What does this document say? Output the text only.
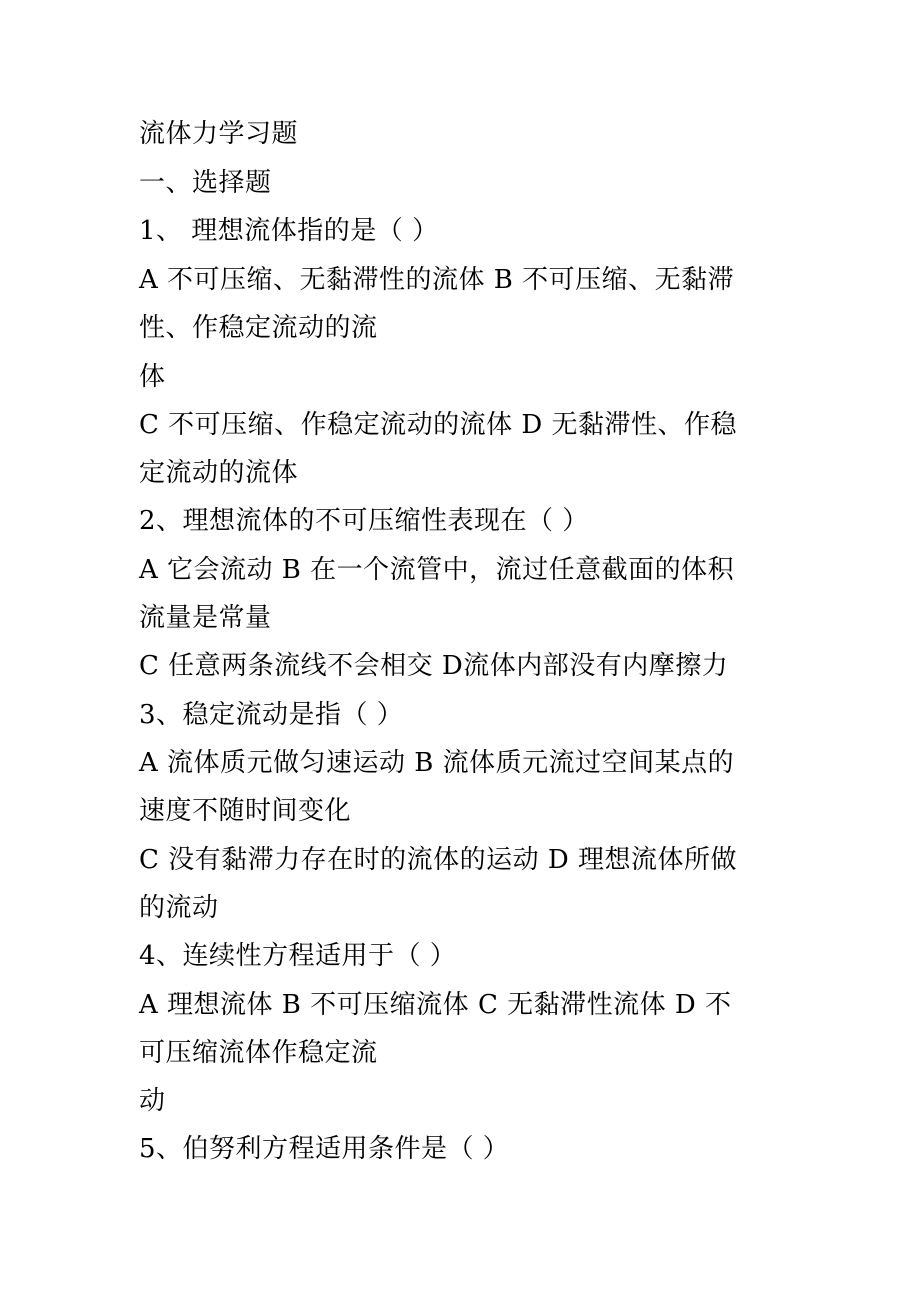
流体力学习题
一、选择题
1、 理想流体指的是（ ）
A 不可压缩、无黏滞性的流体 B 不可压缩、无黏滞
性、作稳定流动的流
体
C 不可压缩、作稳定流动的流体 D 无黏滞性、作稳
定流动的流体
2、理想流体的不可压缩性表现在（ ）
A 它会流动 B 在一个流管中，流过任意截面的体积
流量是常量
C 任意两条流线不会相交 D流体内部没有内摩擦力
3、稳定流动是指（ ）
A 流体质元做匀速运动 B 流体质元流过空间某点的
速度不随时间变化
C 没有黏滞力存在时的流体的运动 D 理想流体所做
的流动
4、连续性方程适用于（ ）
A 理想流体 B 不可压缩流体 C 无黏滞性流体 D 不
可压缩流体作稳定流
动
5、伯努利方程适用条件是（ ）
